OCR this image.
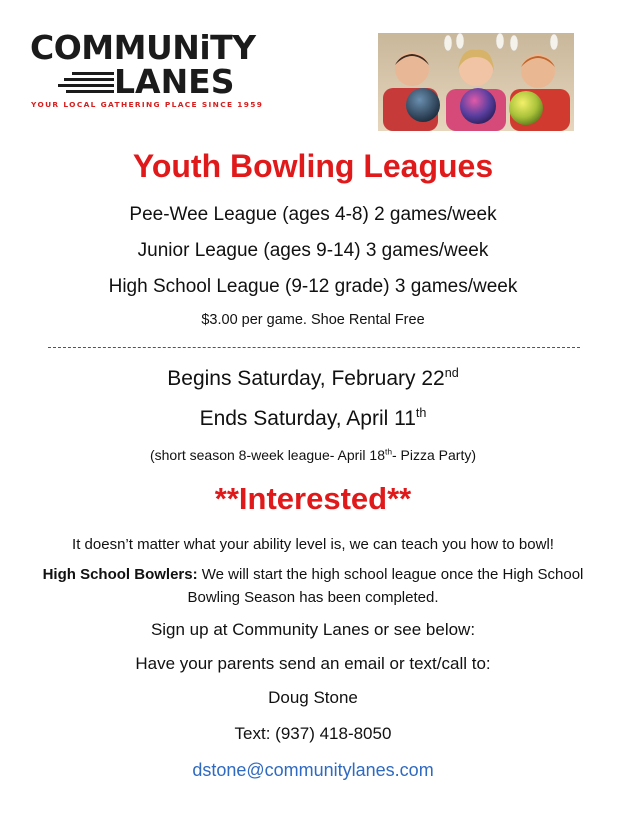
COMMUNiTY
LANES
YOUR LOCAL GATHERING PLACE SINCE 1959
Youth Bowling Leagues
Pee-Wee League (ages 4-8) 2 games/week
Junior League (ages 9-14) 3 games/week
High School League (9-12 grade) 3 games/week
$3.00 per game. Shoe Rental Free
Begins Saturday, February 22nd
Ends Saturday, April 11th
(short season 8-week league- April 18th- Pizza Party)
**Interested**
It doesn’t matter what your ability level is, we can teach you how to bowl!
High School Bowlers: We will start the high school league once the High School
Bowling Season has been completed.
Sign up at Community Lanes or see below:
Have your parents send an email or text/call to:
Doug Stone
Text: (937) 418-8050
dstone@communitylanes.com
